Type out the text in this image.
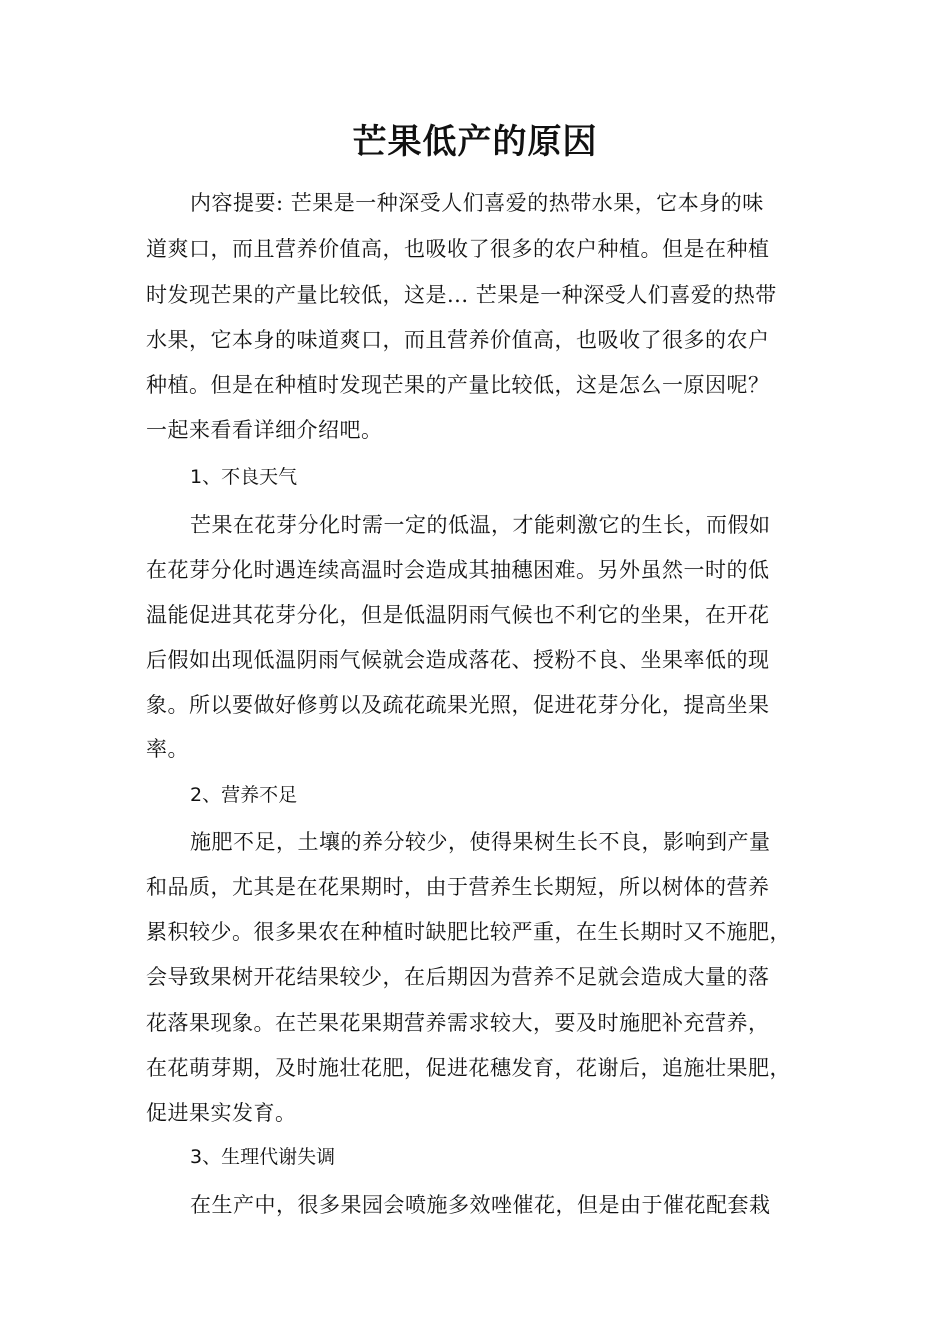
芒果低产的原因
内容提要: 芒果是一种深受人们喜爱的热带水果，它本身的味
道爽口，而且营养价值高，也吸收了很多的农户种植。但是在种植
时发现芒果的产量比较低，这是... 芒果是一种深受人们喜爱的热带
水果，它本身的味道爽口，而且营养价值高，也吸收了很多的农户
种植。但是在种植时发现芒果的产量比较低，这是怎么一原因呢？
一起来看看详细介绍吧。
1、不良天气
芒果在花芽分化时需一定的低温，才能刺激它的生长，而假如
在花芽分化时遇连续高温时会造成其抽穗困难。另外虽然一时的低
温能促进其花芽分化，但是低温阴雨气候也不利它的坐果，在开花
后假如出现低温阴雨气候就会造成落花、授粉不良、坐果率低的现
象。所以要做好修剪以及疏花疏果光照，促进花芽分化，提高坐果
率。
2、营养不足
施肥不足，土壤的养分较少，使得果树生长不良，影响到产量
和品质，尤其是在花果期时，由于营养生长期短，所以树体的营养
累积较少。很多果农在种植时缺肥比较严重，在生长期时又不施肥，
会导致果树开花结果较少，在后期因为营养不足就会造成大量的落
花落果现象。在芒果花果期营养需求较大，要及时施肥补充营养，
在花萌芽期，及时施壮花肥，促进花穗发育，花谢后，追施壮果肥，
促进果实发育。
3、生理代谢失调
在生产中，很多果园会喷施多效唑催花，但是由于催花配套栽
